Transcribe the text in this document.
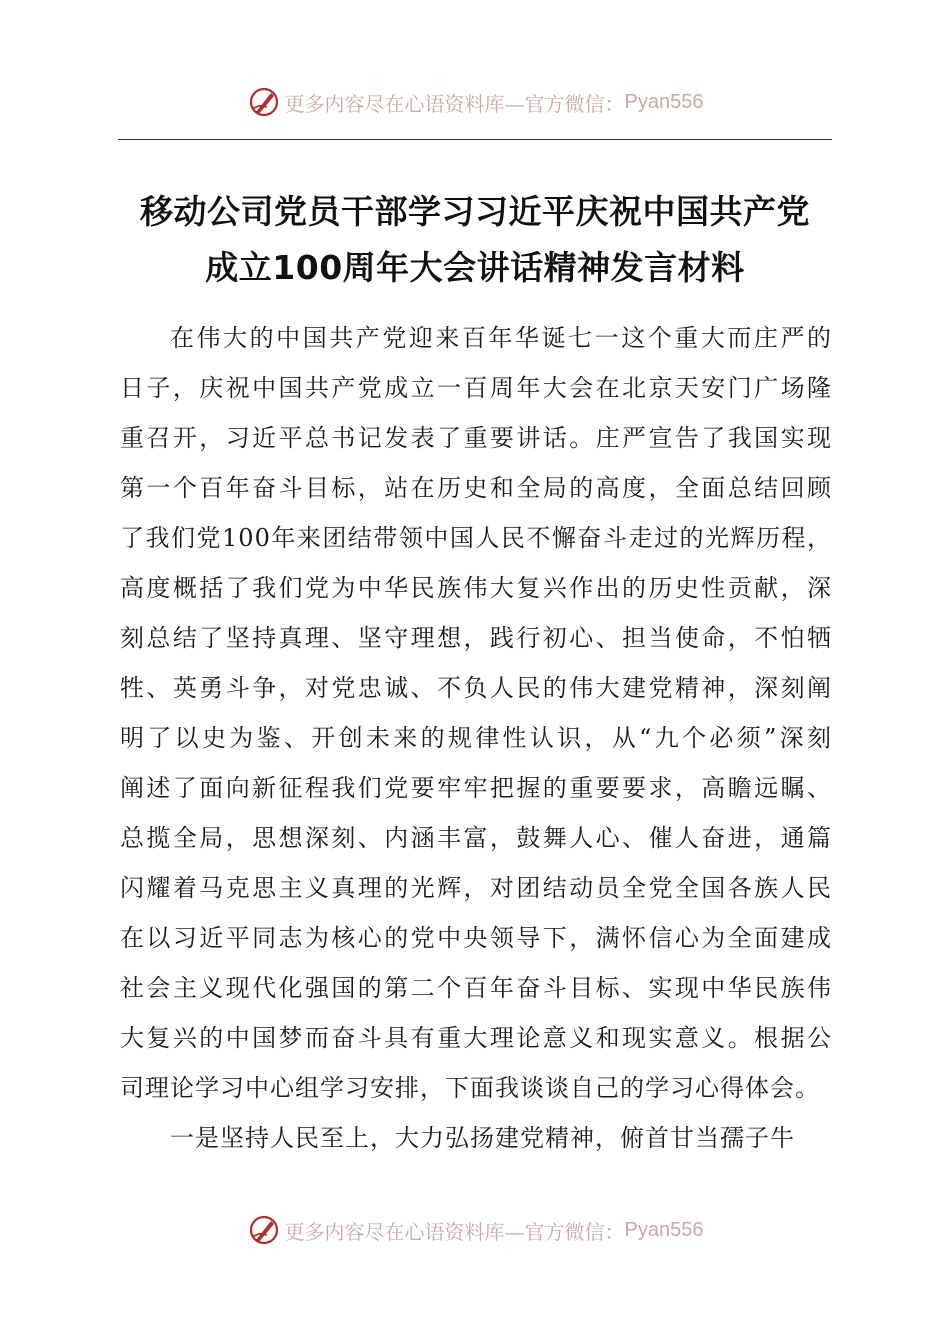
更多内容尽在心语资料库—官方微信： Pyan556
移动公司党员干部学习习近平庆祝中国共产党
成立100周年大会讲话精神发言材料
在伟大的中国共产党迎来百年华诞七一这个重大而庄严的
日子，庆祝中国共产党成立一百周年大会在北京天安门广场隆
重召开，习近平总书记发表了重要讲话。庄严宣告了我国实现
第一个百年奋斗目标，站在历史和全局的高度，全面总结回顾
了我们党100年来团结带领中国人民不懈奋斗走过的光辉历程，
高度概括了我们党为中华民族伟大复兴作出的历史性贡献，深
刻总结了坚持真理、坚守理想，践行初心、担当使命，不怕牺
牲、英勇斗争，对党忠诚、不负人民的伟大建党精神，深刻阐
明了以史为鉴、开创未来的规律性认识，从“九个必须”深刻
阐述了面向新征程我们党要牢牢把握的重要要求，高瞻远瞩、
总揽全局，思想深刻、内涵丰富，鼓舞人心、催人奋进，通篇
闪耀着马克思主义真理的光辉，对团结动员全党全国各族人民
在以习近平同志为核心的党中央领导下，满怀信心为全面建成
社会主义现代化强国的第二个百年奋斗目标、实现中华民族伟
大复兴的中国梦而奋斗具有重大理论意义和现实意义。根据公
司理论学习中心组学习安排，下面我谈谈自己的学习心得体会。
一是坚持人民至上，大力弘扬建党精神，俯首甘当孺子牛
更多内容尽在心语资料库—官方微信： Pyan556
